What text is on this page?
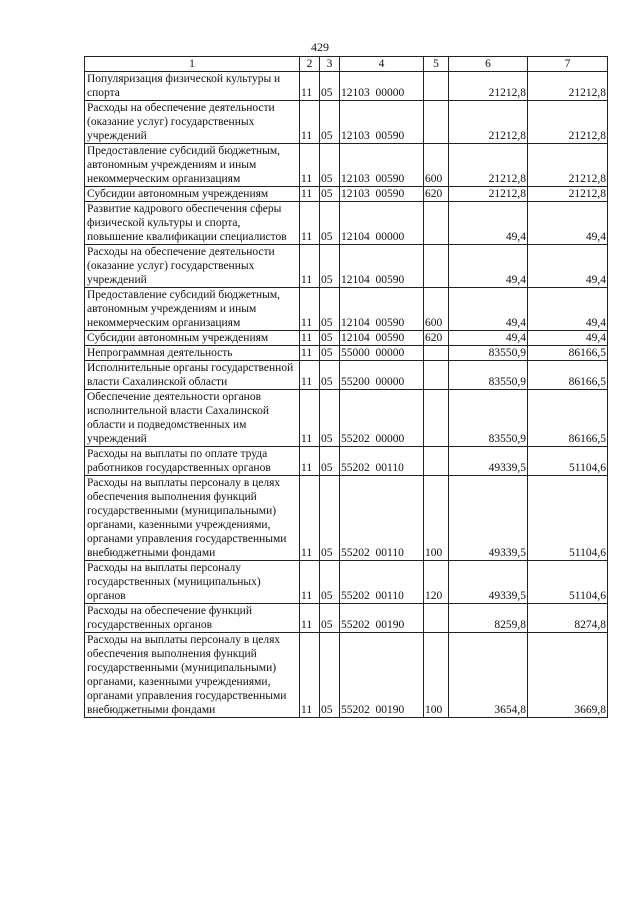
429
1	2	3	4	5	6	7
Популяризация физической культуры и спорта	11	05	12103  00000		21212,8	21212,8
Расходы на обеспечение деятельности (оказание услуг) государственных учреждений	11	05	12103  00590		21212,8	21212,8
Предоставление субсидий бюджетным, автономным учреждениям и иным некоммерческим организациям	11	05	12103  00590	600	21212,8	21212,8
Субсидии автономным учреждениям	11	05	12103  00590	620	21212,8	21212,8
Развитие кадрового обеспечения сферы физической культуры и спорта, повышение квалификации специалистов	11	05	12104  00000		49,4	49,4
Расходы на обеспечение деятельности (оказание услуг) государственных учреждений	11	05	12104  00590		49,4	49,4
Предоставление субсидий бюджетным, автономным учреждениям и иным некоммерческим организациям	11	05	12104  00590	600	49,4	49,4
Субсидии автономным учреждениям	11	05	12104  00590	620	49,4	49,4
Непрограммная деятельность	11	05	55000  00000		83550,9	86166,5
Исполнительные органы государственной власти Сахалинской области	11	05	55200  00000		83550,9	86166,5
Обеспечение деятельности органов исполнительной власти Сахалинской области и подведомственных им учреждений	11	05	55202  00000		83550,9	86166,5
Расходы на выплаты по оплате труда работников государственных органов	11	05	55202  00110		49339,5	51104,6
Расходы на выплаты персоналу в целях обеспечения выполнения функций государственными (муниципальными) органами, казенными учреждениями, органами управления государственными внебюджетными фондами	11	05	55202  00110	100	49339,5	51104,6
Расходы на выплаты персоналу государственных (муниципальных) органов	11	05	55202  00110	120	49339,5	51104,6
Расходы на обеспечение функций государственных органов	11	05	55202  00190		8259,8	8274,8
Расходы на выплаты персоналу в целях обеспечения выполнения функций государственными (муниципальными) органами, казенными учреждениями, органами управления государственными внебюджетными фондами	11	05	55202  00190	100	3654,8	3669,8
